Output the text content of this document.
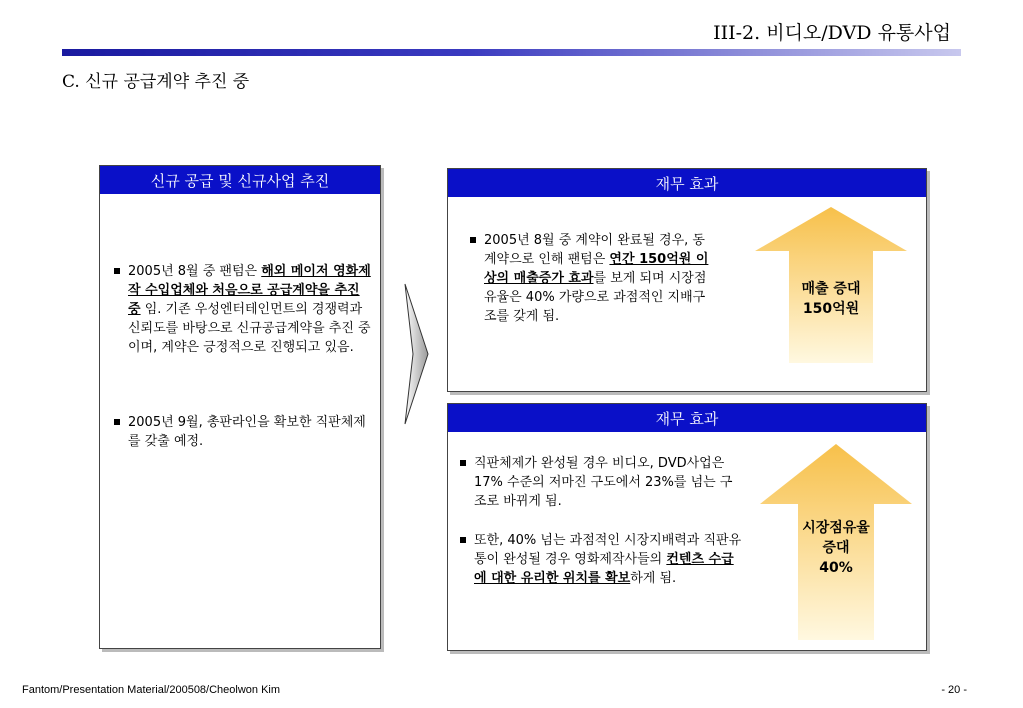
III-2. 비디오/DVD 유통사업
C. 신규 공급계약 추진 중
신규 공급 및 신규사업 추진
2005년 8월 중 팬텀은 해외 메이저 영화제작 수입업체와 처음으로 공급계약을 추진 중 임. 기존 우성엔터테인먼트의 경쟁력과 신뢰도를 바탕으로 신규공급계약을 추진 중이며, 계약은 긍정적으로 진행되고 있음.
2005년 9월, 총판라인을 확보한 직판체제를 갖출 예정.
재무 효과
2005년 8월 중 계약이 완료될 경우, 동계약으로 인해 팬텀은 연간 150억원 이상의 매출증가 효과를 보게 되며 시장점유율은 40% 가량으로 과점적인 지배구조를 갖게 됨.
매출 증대
150억원
재무 효과
직판체제가 완성될 경우 비디오, DVD사업은 17% 수준의 저마진 구도에서 23%를 넘는 구조로 바뀌게 됨.
또한, 40% 넘는 과점적인 시장지배력과 직판유통이 완성될 경우 영화제작사들의 컨텐츠 수급에 대한 유리한 위치를 확보하게 됨.
시장점유율
증대
40%
Fantom/Presentation Material/200508/Cheolwon Kim	- 20 -
